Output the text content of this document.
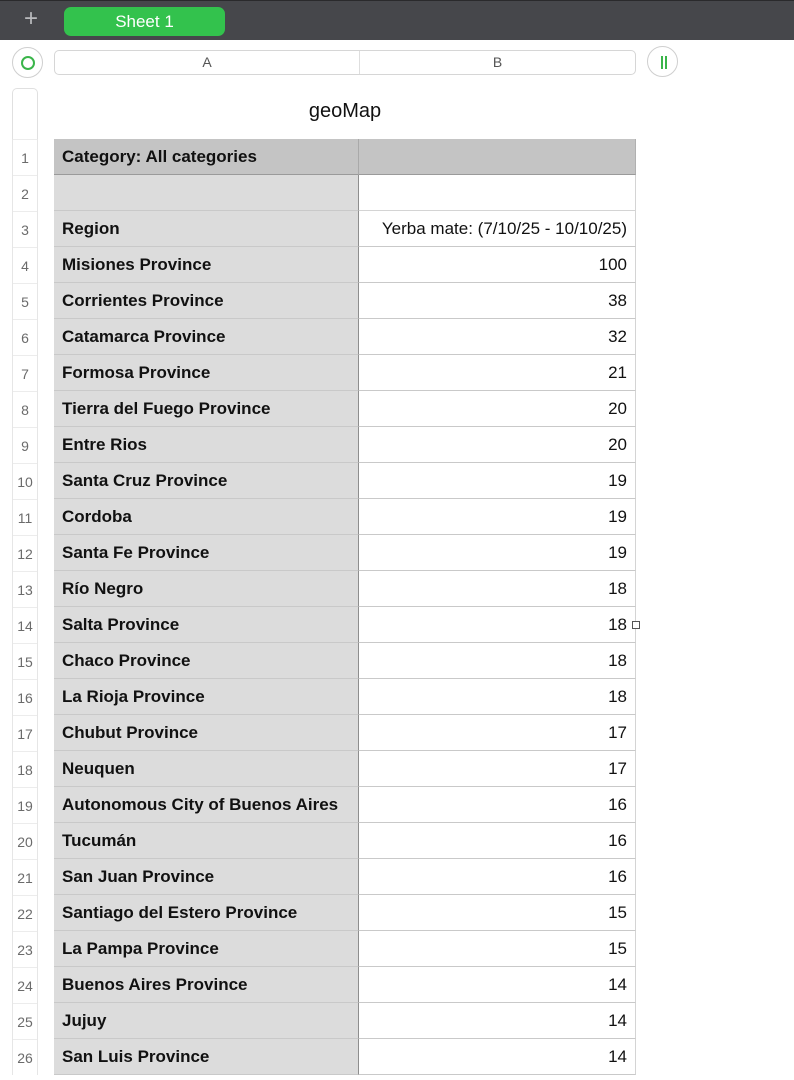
+	Sheet 1
A	B
geoMap
1
2
3
4
5
6
7
8
9
10
11
12
13
14
15
16
17
18
19
20
21
22
23
24
25
26
Category: All categories
Region	Yerba mate: (7/10/25 - 10/10/25)
Misiones Province	100
Corrientes Province	38
Catamarca Province	32
Formosa Province	21
Tierra del Fuego Province	20
Entre Rios	20
Santa Cruz Province	19
Cordoba	19
Santa Fe Province	19
Río Negro	18
Salta Province	18
Chaco Province	18
La Rioja Province	18
Chubut Province	17
Neuquen	17
Autonomous City of Buenos Aires	16
Tucumán	16
San Juan Province	16
Santiago del Estero Province	15
La Pampa Province	15
Buenos Aires Province	14
Jujuy	14
San Luis Province	14
